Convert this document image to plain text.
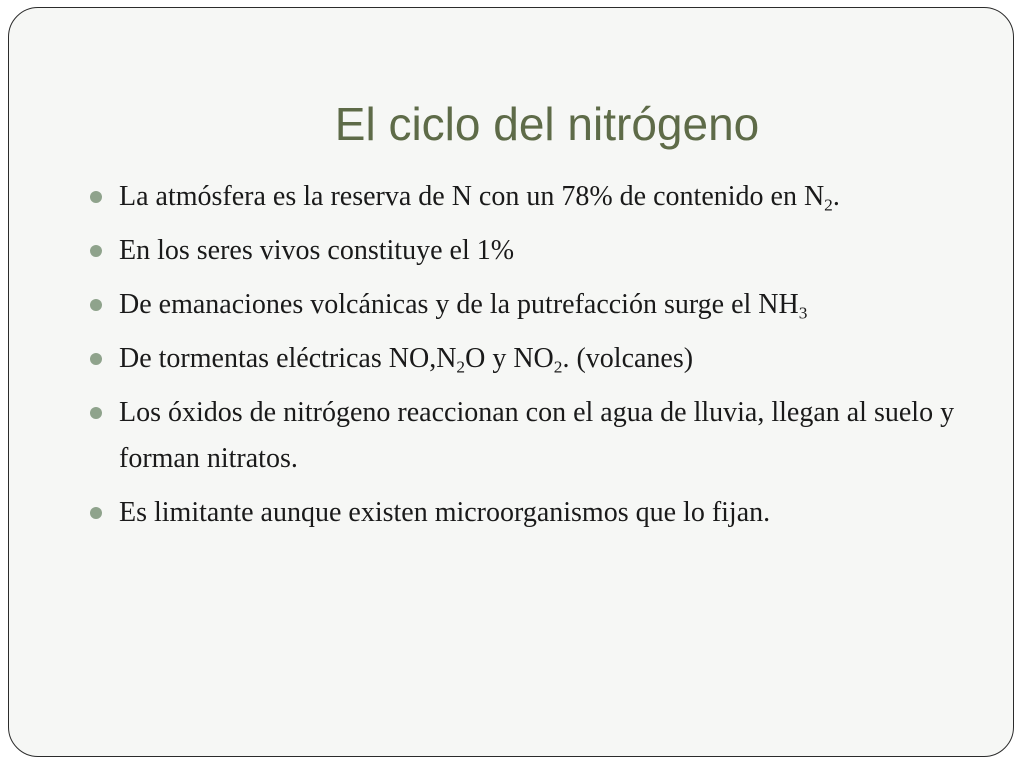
El ciclo del nitrógeno
La atmósfera es la reserva de N con un 78% de contenido en $N_2$.
En los seres vivos constituye el 1%
De emanaciones volcánicas y de la putrefacción surge el $NH_3$
De tormentas eléctricas $NO,N_2O$ y $NO_2$. (volcanes)
Los óxidos de nitrógeno reaccionan con el agua de lluvia, llegan al suelo y forman nitratos.
Es limitante aunque existen microorganismos que lo fijan.
